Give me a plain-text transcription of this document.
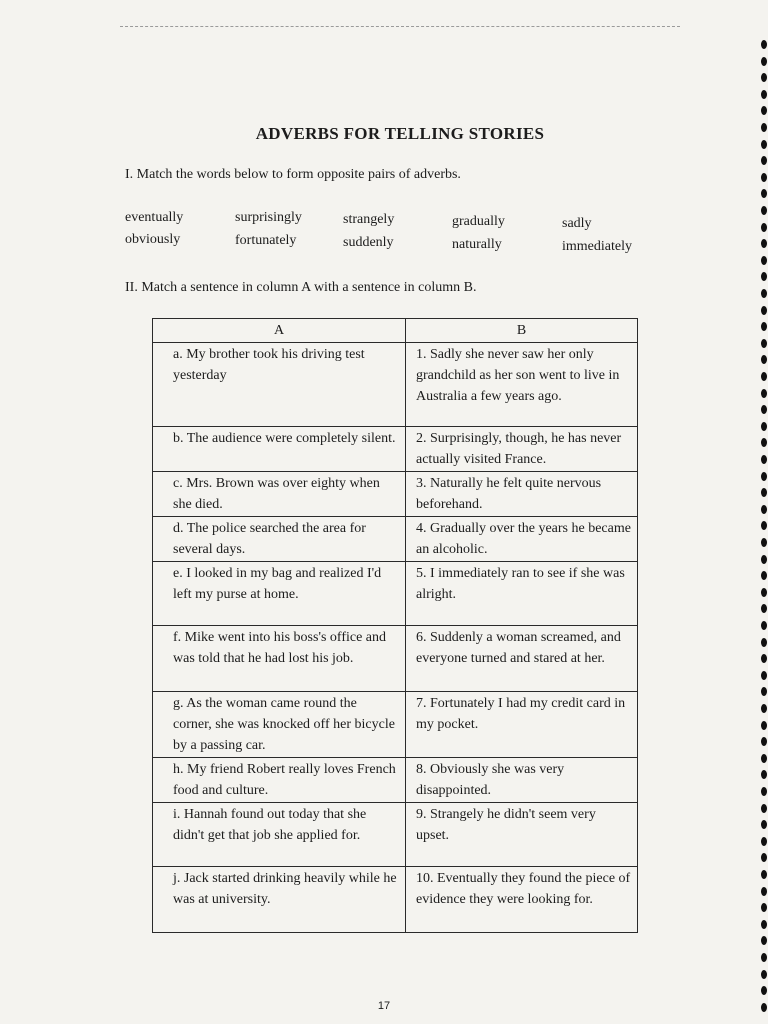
ADVERBS FOR TELLING STORIES

I. Match the words below to form opposite pairs of adverbs.

eventually	surprisingly	strangely	gradually	sadly
obviously	fortunately	suddenly	naturally	immediately

II. Match a sentence in column A with a sentence in column B.

A	B
a. My brother took his driving test yesterday	1. Sadly she never saw her only grandchild as her son went to live in Australia a few years ago.
b. The audience were completely silent.	2. Surprisingly, though, he has never actually visited France.
c. Mrs. Brown was over eighty when she died.	3. Naturally he felt quite nervous beforehand.
d. The police searched the area for several days.	4. Gradually over the years he became an alcoholic.
e. I looked in my bag and realized I'd left my purse at home.	5. I immediately ran to see if she was alright.
f. Mike went into his boss's office and was told that he had lost his job.	6. Suddenly a woman screamed, and everyone turned and stared at her.
g. As the woman came round the corner, she was knocked off her bicycle by a passing car.	7. Fortunately I had my credit card in my pocket.
h. My friend Robert really loves French food and culture.	8. Obviously she was very disappointed.
i. Hannah found out today that she didn't get that job she applied for.	9. Strangely he didn't seem very upset.
j. Jack started drinking heavily while he was at university.	10. Eventually they found the piece of evidence they were looking for.
17
